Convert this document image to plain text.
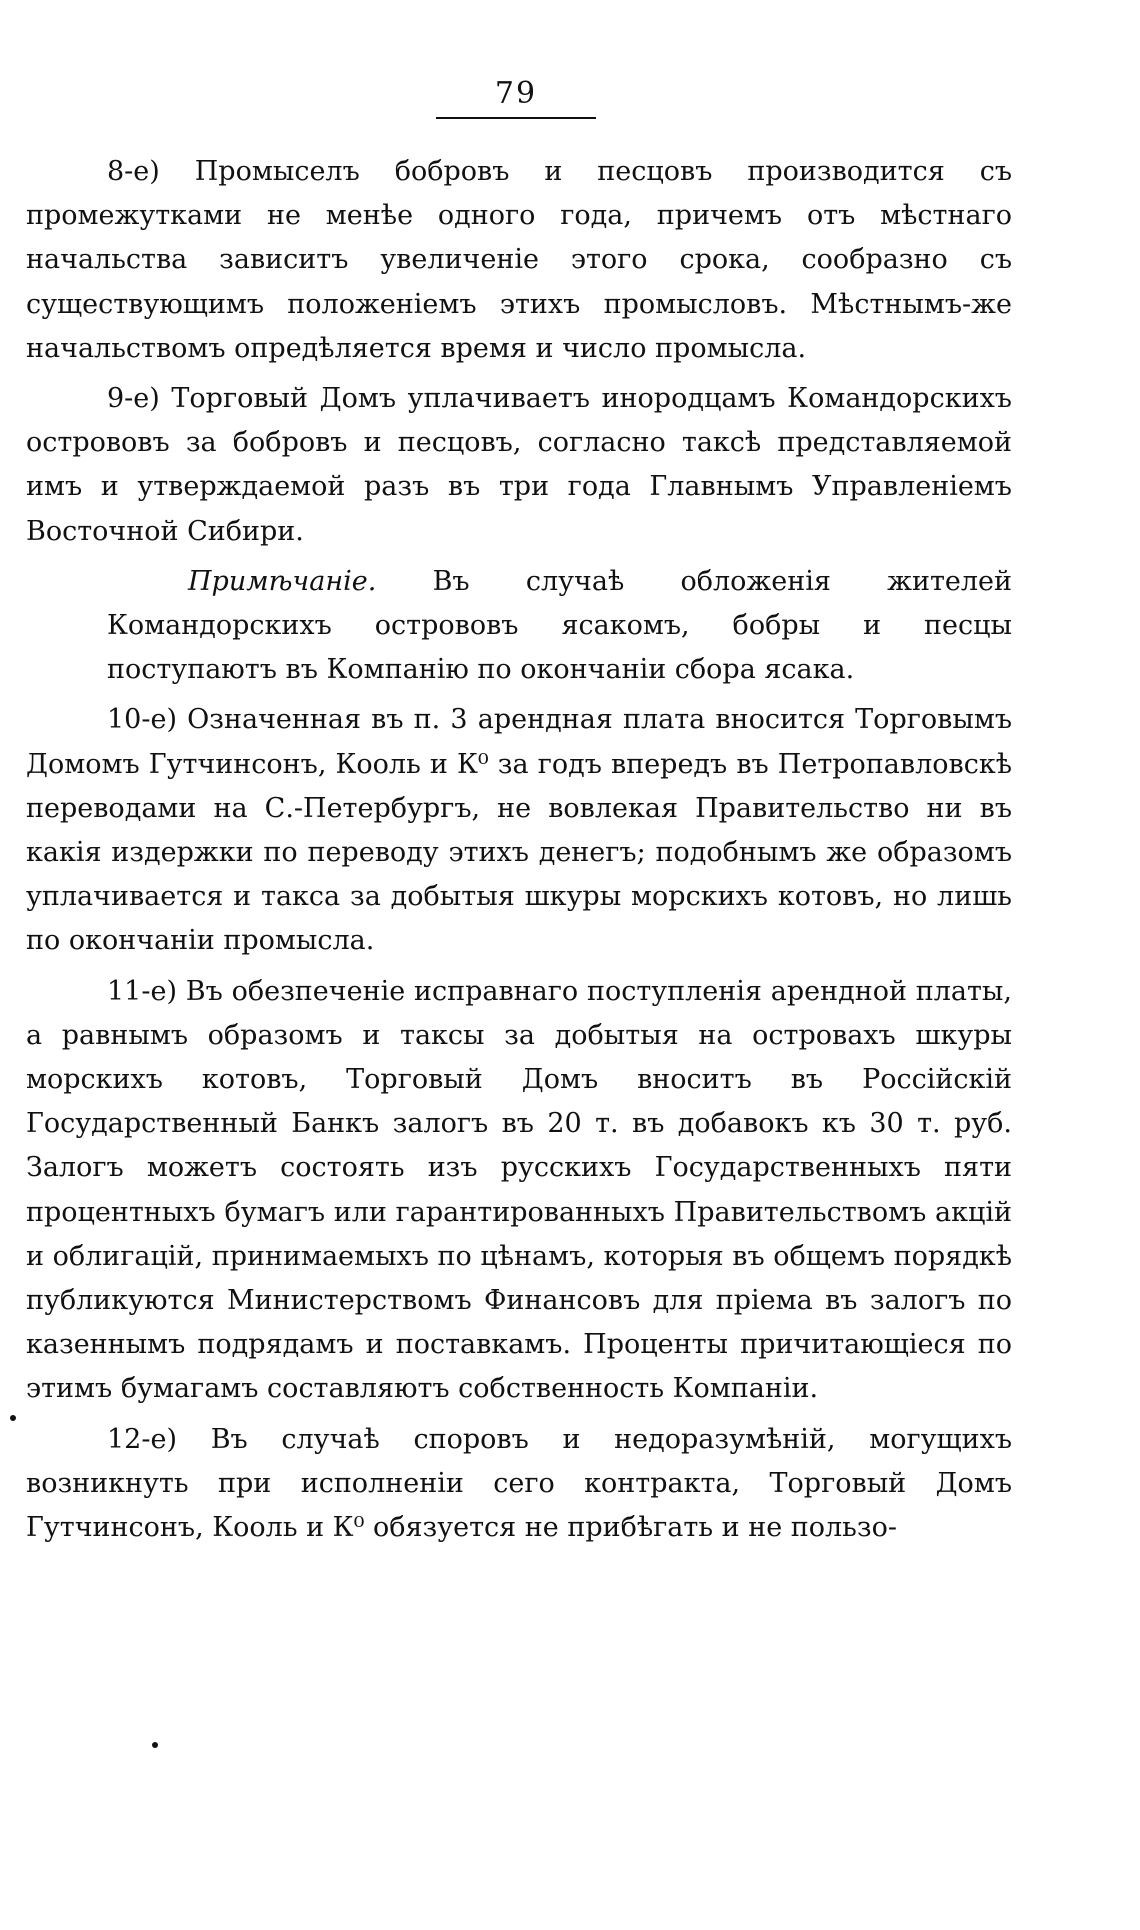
79

8-е) Промыселъ бобровъ и песцовъ производится съ промежутками не менѣе одного года, причемъ отъ мѣстнаго начальства зависитъ увеличеніе этого срока, сообразно съ существующимъ положеніемъ этихъ промысловъ. Мѣстнымъ-же начальствомъ опредѣляется время и число промысла.

9-е) Торговый Домъ уплачиваетъ инородцамъ Командорскихъ острововъ за бобровъ и песцовъ, согласно таксѣ представляемой имъ и утверждаемой разъ въ три года Главнымъ Управленіемъ Восточной Сибири.

Примѣчаніе. Въ случаѣ обложенія жителей Командорскихъ острововъ ясакомъ, бобры и песцы поступаютъ въ Компанію по окончаніи сбора ясака.

10-е) Означенная въ п. 3 арендная плата вносится Торговымъ Домомъ Гутчинсонъ, Кооль и К⁰ за годъ впередъ въ Петропавловскѣ переводами на С.-Петербургъ, не вовлекая Правительство ни въ какія издержки по переводу этихъ денегъ; подобнымъ же образомъ уплачивается и такса за добытыя шкуры морскихъ котовъ, но лишь по окончаніи промысла.

11-е) Въ обезпеченіе исправнаго поступленія арендной платы, а равнымъ образомъ и таксы за добытыя на островахъ шкуры морскихъ котовъ, Торговый Домъ вноситъ въ Россійскій Государственный Банкъ залогъ въ 20 т. въ добавокъ къ 30 т. руб. Залогъ можетъ состоять изъ русскихъ Государственныхъ пяти процентныхъ бумагъ или гарантированныхъ Правительствомъ акцій и облигацій, принимаемыхъ по цѣнамъ, которыя въ общемъ порядкѣ публикуются Министерствомъ Финансовъ для пріема въ залогъ по казеннымъ подрядамъ и поставкамъ. Проценты причитающіеся по этимъ бумагамъ составляютъ собственность Компаніи.

12-е) Въ случаѣ споровъ и недоразумѣній, могущихъ возникнуть при исполненіи сего контракта, Торговый Домъ Гутчинсонъ, Кооль и К⁰ обязуется не прибѣгать и не пользо-
